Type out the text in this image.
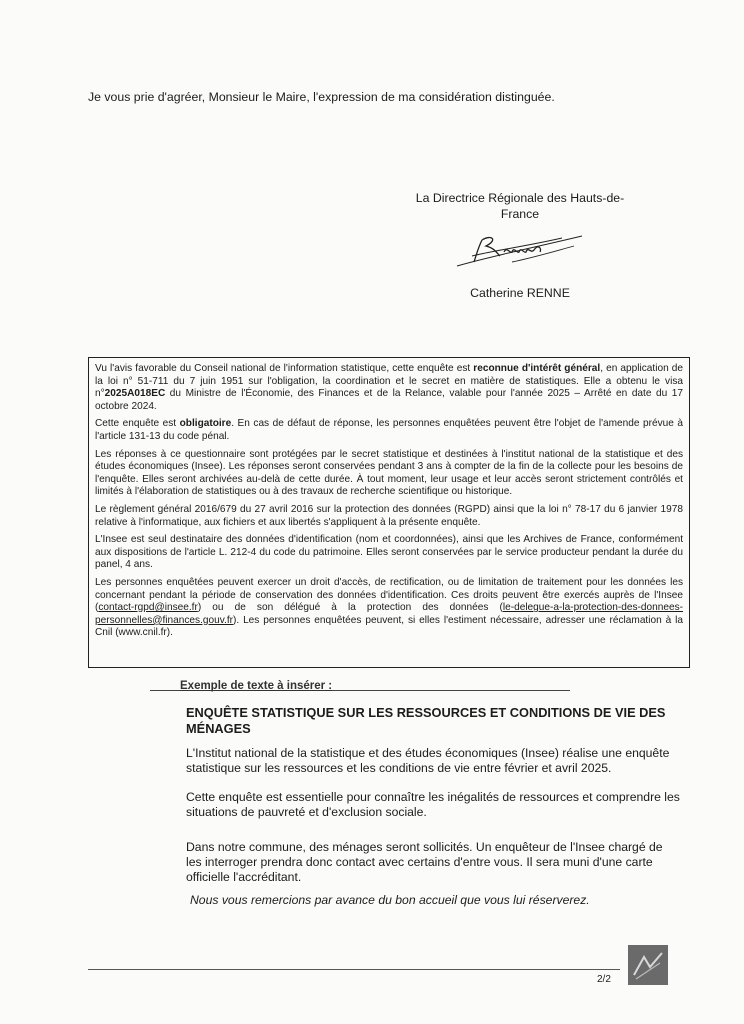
Je vous prie d'agréer, Monsieur le Maire, l'expression de ma considération distinguée.
La Directrice Régionale des Hauts-de-France
Catherine RENNE

Vu l'avis favorable du Conseil national de l'information statistique, cette enquête est reconnue d'intérêt général, en application de la loi n° 51-711 du 7 juin 1951 sur l'obligation, la coordination et le secret en matière de statistiques. Elle a obtenu le visa n°2025A018EC du Ministre de l'Économie, des Finances et de la Relance, valable pour l'année 2025 – Arrêté en date du 17 octobre 2024.

Cette enquête est obligatoire. En cas de défaut de réponse, les personnes enquêtées peuvent être l'objet de l'amende prévue à l'article 131-13 du code pénal.

Les réponses à ce questionnaire sont protégées par le secret statistique et destinées à l'institut national de la statistique et des études économiques (Insee). Les réponses seront conservées pendant 3 ans à compter de la fin de la collecte pour les besoins de l'enquête. Elles seront archivées au-delà de cette durée. À tout moment, leur usage et leur accès seront strictement contrôlés et limités à l'élaboration de statistiques ou à des travaux de recherche scientifique ou historique.

Le règlement général 2016/679 du 27 avril 2016 sur la protection des données (RGPD) ainsi que la loi n° 78-17 du 6 janvier 1978 relative à l'informatique, aux fichiers et aux libertés s'appliquent à la présente enquête.

L'Insee est seul destinataire des données d'identification (nom et coordonnées), ainsi que les Archives de France, conformément aux dispositions de l'article L. 212-4 du code du patrimoine. Elles seront conservées par le service producteur pendant la durée du panel, 4 ans.

Les personnes enquêtées peuvent exercer un droit d'accès, de rectification, ou de limitation de traitement pour les données les concernant pendant la période de conservation des données d'identification. Ces droits peuvent être exercés auprès de l'Insee (contact-rgpd@insee.fr) ou de son délégué à la protection des données (le-delegue-a-la-protection-des-donnees-personnelles@finances.gouv.fr). Les personnes enquêtées peuvent, si elles l'estiment nécessaire, adresser une réclamation à la Cnil (www.cnil.fr).

Exemple de texte à insérer :
ENQUÊTE STATISTIQUE SUR LES RESSOURCES ET CONDITIONS DE VIE DES MÉNAGES
L'Institut national de la statistique et des études économiques (Insee) réalise une enquête statistique sur les ressources et les conditions de vie entre février et avril 2025.
Cette enquête est essentielle pour connaître les inégalités de ressources et comprendre les situations de pauvreté et d'exclusion sociale.
Dans notre commune, des ménages seront sollicités. Un enquêteur de l'Insee chargé de les interroger prendra donc contact avec certains d'entre vous. Il sera muni d'une carte officielle l'accréditant.
Nous vous remercions par avance du bon accueil que vous lui réserverez.
2/2
